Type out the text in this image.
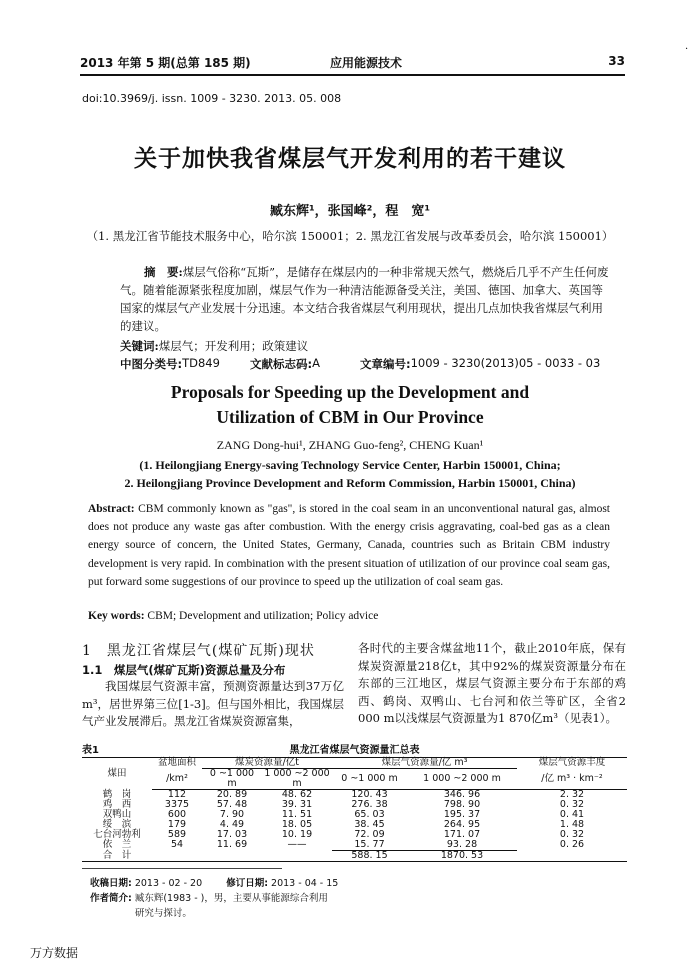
2013 年第 5 期(总第 185 期)	应用能源技术	33
·
doi:10.3969/j. issn. 1009 - 3230. 2013. 05. 008
关于加快我省煤层气开发利用的若干建议
臧东辉¹，张国峰²，程　宽¹
（1. 黑龙江省节能技术服务中心，哈尔滨 150001；2. 黑龙江省发展与改革委员会，哈尔滨 150001）
摘　要:煤层气俗称“瓦斯”，是储存在煤层内的一种非常规天然气，燃烧后几乎不产生任何废气。随着能源紧张程度加剧，煤层气作为一种清洁能源备受关注，美国、德国、加拿大、英国等国家的煤层气产业发展十分迅速。本文结合我省煤层气利用现状，提出几点加快我省煤层气利用的建议。
关键词:煤层气；开发利用；政策建议
中图分类号: TD849	文献标志码: A	文章编号: 1009 - 3230(2013)05 - 0033 - 03
Proposals for Speeding up the Development and Utilization of CBM in Our Province
ZANG Dong-hui¹, ZHANG Guo-feng², CHENG Kuan¹
(1. Heilongjiang Energy-saving Technology Service Center, Harbin 150001, China;
2. Heilongjiang Province Development and Reform Commission, Harbin 150001, China)
Abstract: CBM commonly known as "gas", is stored in the coal seam in an unconventional natural gas, almost does not produce any waste gas after combustion. With the energy crisis aggravating, coal-bed gas as a clean energy source of concern, the United States, Germany, Canada, countries such as Britain CBM industry development is very rapid. In combination with the present situation of utilization of our province coal seam gas, put forward some suggestions of our province to speed up the utilization of coal seam gas.
Key words: CBM; Development and utilization; Policy advice
1　黑龙江省煤层气(煤矿瓦斯)现状
1.1　煤层气(煤矿瓦斯)资源总量及分布
我国煤层气资源丰富，预测资源量达到37万亿m³，居世界第三位[1-3]。但与国外相比，我国煤层气产业发展滞后。黑龙江省煤炭资源富集，
各时代的主要含煤盆地11个，截止2010年底，保有煤炭资源量218亿t，其中92%的煤炭资源量分布在东部的三江地区，煤层气资源主要分布于东部的鸡西、鹤岗、双鸭山、七台河和依兰等矿区，全省2 000 m以浅煤层气资源量为1 870亿m³（见表1）。
表1	黑龙江省煤层气资源量汇总表
煤田	盆地面积	煤炭资源量/亿t		煤层气资源量/亿 m³		煤层气资源丰度
	/km²	0 ~1 000 m	1 000 ~2 000 m	0 ~1 000 m	1 000 ~2 000 m	/亿 m³ · km⁻²
鹤　岗	112	20. 89	48. 62	120. 43	346. 96	2. 32
鸡　西	3375	57. 48	39. 31	276. 38	798. 90	0. 32
双鸭山	600	7. 90	11. 51	65. 03	195. 37	0. 41
绥　滨	179	4. 49	18. 05	38. 45	264. 95	1. 48
七台河勃利	589	17. 03	10. 19	72. 09	171. 07	0. 32
依　兰	54	11. 69	——	15. 77	93. 28	0. 26
合　计				588. 15	1870. 53	
收稿日期: 2013 - 02 - 20	修订日期: 2013 - 04 - 15
作者简介: 臧东辉(1983 - )，男，主要从事能源综合利用研究与探讨。
万方数据
